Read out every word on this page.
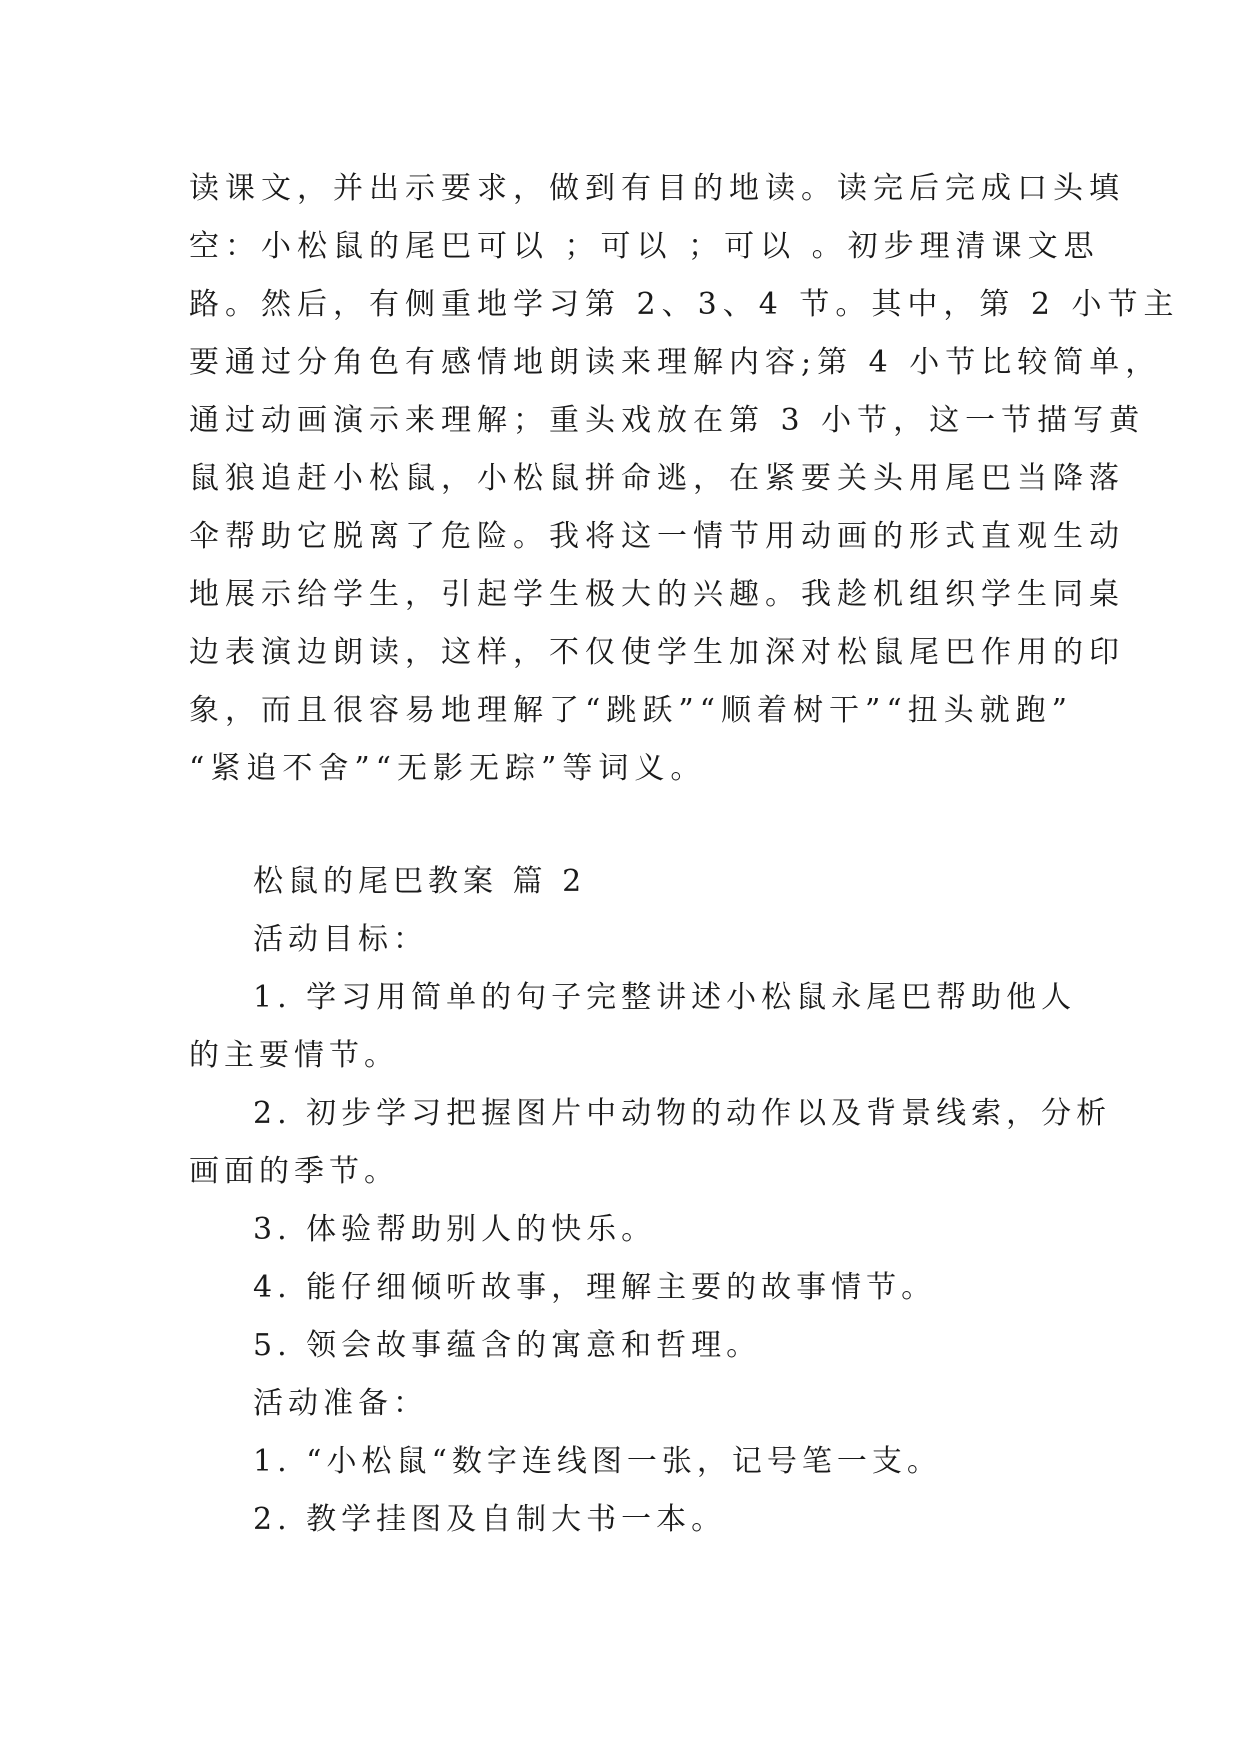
读课文，并出示要求，做到有目的地读。读完后完成口头填
空：小松鼠的尾巴可以 ；可以 ；可以 。初步理清课文思
路。然后，有侧重地学习第 2、3、4 节。其中，第 2 小节主
要通过分角色有感情地朗读来理解内容;第 4 小节比较简单，
通过动画演示来理解；重头戏放在第 3 小节，这一节描写黄
鼠狼追赶小松鼠，小松鼠拼命逃，在紧要关头用尾巴当降落
伞帮助它脱离了危险。我将这一情节用动画的形式直观生动
地展示给学生，引起学生极大的兴趣。我趁机组织学生同桌
边表演边朗读，这样，不仅使学生加深对松鼠尾巴作用的印
象，而且很容易地理解了“跳跃”“顺着树干”“扭头就跑”
“紧追不舍”“无影无踪”等词义。
松鼠的尾巴教案 篇 2
活动目标：
1. 学习用简单的句子完整讲述小松鼠永尾巴帮助他人
的主要情节。
2. 初步学习把握图片中动物的动作以及背景线索，分析
画面的季节。
3. 体验帮助别人的快乐。
4. 能仔细倾听故事，理解主要的故事情节。
5. 领会故事蕴含的寓意和哲理。
活动准备：
1. “小松鼠“数字连线图一张，记号笔一支。
2. 教学挂图及自制大书一本。
